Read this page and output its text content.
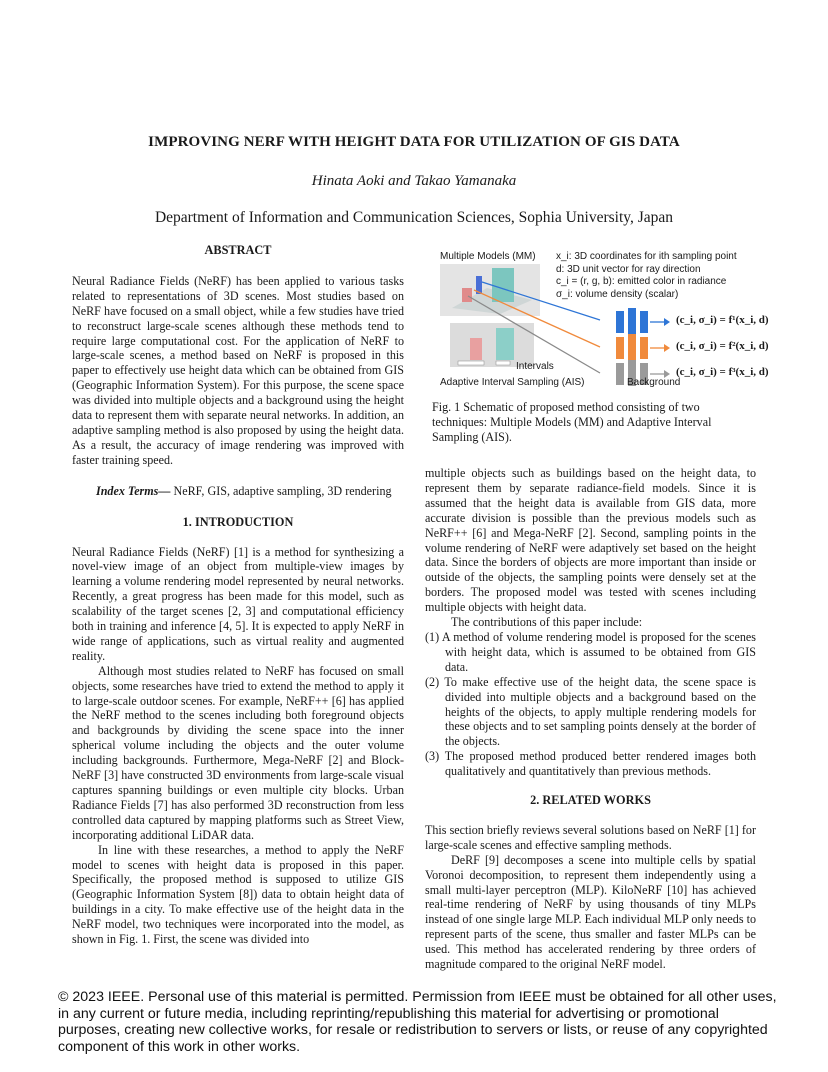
IMPROVING NERF WITH HEIGHT DATA FOR UTILIZATION OF GIS DATA
Hinata Aoki and Takao Yamanaka
Department of Information and Communication Sciences, Sophia University, Japan

ABSTRACT

Neural Radiance Fields (NeRF) has been applied to various tasks related to representations of 3D scenes. Most studies based on NeRF have focused on a small object, while a few studies have tried to reconstruct large-scale scenes although these methods tend to require large computational cost. For the application of NeRF to large-scale scenes, a method based on NeRF is proposed in this paper to effectively use height data which can be obtained from GIS (Geographic Information System). For this purpose, the scene space was divided into multiple objects and a background using the height data to represent them with separate neural networks. In addition, an adaptive sampling method is also proposed by using the height data. As a result, the accuracy of image rendering was improved with faster training speed.

Index Terms— NeRF, GIS, adaptive sampling, 3D rendering

1. INTRODUCTION

Neural Radiance Fields (NeRF) [1] is a method for synthesizing a novel-view image of an object from multiple-view images by learning a volume rendering model represented by neural networks. Recently, a great progress has been made for this model, such as scalability of the target scenes [2, 3] and computational efficiency both in training and inference [4, 5]. It is expected to apply NeRF in wide range of applications, such as virtual reality and augmented reality.

Although most studies related to NeRF has focused on small objects, some researches have tried to extend the method to apply it to large-scale outdoor scenes. For example, NeRF++ [6] has applied the NeRF method to the scenes including both foreground objects and backgrounds by dividing the scene space into the inner spherical volume including the objects and the outer volume including backgrounds. Furthermore, Mega-NeRF [2] and Block-NeRF [3] have constructed 3D environments from large-scale visual captures spanning buildings or even multiple city blocks. Urban Radiance Fields [7] has also performed 3D reconstruction from less controlled data captured by mapping platforms such as Street View, incorporating additional LiDAR data.

In line with these researches, a method to apply the NeRF model to scenes with height data is proposed in this paper. Specifically, the proposed method is supposed to utilize GIS (Geographic Information System [8]) data to obtain height data of buildings in a city. To make effective use of the height data in the NeRF model, two techniques were incorporated into the model, as shown in Fig. 1. First, the scene was divided into

Multiple Models (MM)
Intervals
Adaptive Interval Sampling (AIS)	Background
x_i: 3D coordinates for ith sampling point
d: 3D unit vector for ray direction
c_i = (r, g, b): emitted color in radiance
σ_i: volume density (scalar)
(c_i, σ_i) = f¹(x_i, d)
(c_i, σ_i) = f²(x_i, d)
(c_i, σ_i) = f³(x_i, d)
Fig. 1 Schematic of proposed method consisting of two techniques: Multiple Models (MM) and Adaptive Interval Sampling (AIS).

multiple objects such as buildings based on the height data, to represent them by separate radiance-field models. Since it is assumed that the height data is available from GIS data, more accurate division is possible than the previous models such as NeRF++ [6] and Mega-NeRF [2]. Second, sampling points in the volume rendering of NeRF were adaptively set based on the height data. Since the borders of objects are more important than inside or outside of the objects, the sampling points were densely set at the borders. The proposed model was tested with scenes including multiple objects with height data.

The contributions of this paper include:

(1) A method of volume rendering model is proposed for the scenes with height data, which is assumed to be obtained from GIS data.

(2) To make effective use of the height data, the scene space is divided into multiple objects and a background based on the heights of the objects, to apply multiple rendering models for these objects and to set sampling points densely at the border of the objects.

(3) The proposed method produced better rendered images both qualitatively and quantitatively than previous methods.

2. RELATED WORKS

This section briefly reviews several solutions based on NeRF [1] for large-scale scenes and effective sampling methods.

DeRF [9] decomposes a scene into multiple cells by spatial Voronoi decomposition, to represent them independently using a small multi-layer perceptron (MLP). KiloNeRF [10] has achieved real-time rendering of NeRF by using thousands of tiny MLPs instead of one single large MLP. Each individual MLP only needs to represent parts of the scene, thus smaller and faster MLPs can be used. This method has accelerated rendering by three orders of magnitude compared to the original NeRF model.

© 2023 IEEE. Personal use of this material is permitted. Permission from IEEE must be obtained for all other uses, in any current or future media, including reprinting/republishing this material for advertising or promotional purposes, creating new collective works, for resale or redistribution to servers or lists, or reuse of any copyrighted component of this work in other works.
